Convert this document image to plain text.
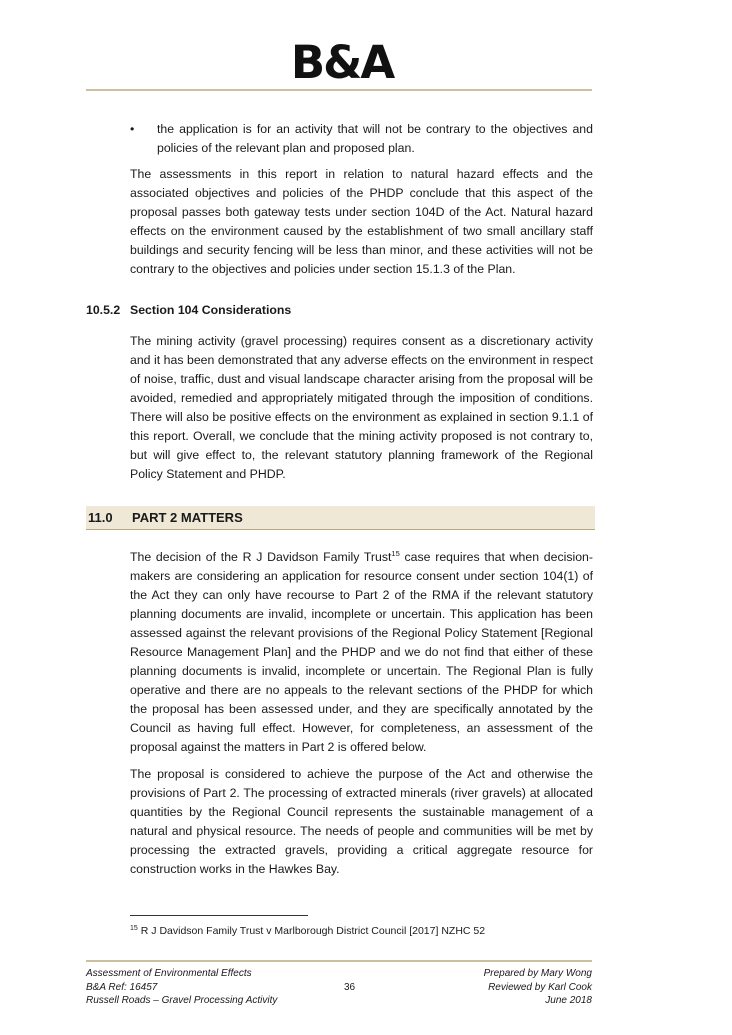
B&A
•	the application is for an activity that will not be contrary to the objectives and policies of the relevant plan and proposed plan.
The assessments in this report in relation to natural hazard effects and the associated objectives and policies of the PHDP conclude that this aspect of the proposal passes both gateway tests under section 104D of the Act. Natural hazard effects on the environment caused by the establishment of two small ancillary staff buildings and security fencing will be less than minor, and these activities will not be contrary to the objectives and policies under section 15.1.3 of the Plan.
10.5.2 Section 104 Considerations
The mining activity (gravel processing) requires consent as a discretionary activity and it has been demonstrated that any adverse effects on the environment in respect of noise, traffic, dust and visual landscape character arising from the proposal will be avoided, remedied and appropriately mitigated through the imposition of conditions. There will also be positive effects on the environment as explained in section 9.1.1 of this report. Overall, we conclude that the mining activity proposed is not contrary to, but will give effect to, the relevant statutory planning framework of the Regional Policy Statement and PHDP.
11.0	PART 2 MATTERS
The decision of the R J Davidson Family Trust$^{15}$ case requires that when decision-makers are considering an application for resource consent under section 104(1) of the Act they can only have recourse to Part 2 of the RMA if the relevant statutory planning documents are invalid, incomplete or uncertain. This application has been assessed against the relevant provisions of the Regional Policy Statement [Regional Resource Management Plan] and the PHDP and we do not find that either of these planning documents is invalid, incomplete or uncertain. The Regional Plan is fully operative and there are no appeals to the relevant sections of the PHDP for which the proposal has been assessed under, and they are specifically annotated by the Council as having full effect. However, for completeness, an assessment of the proposal against the matters in Part 2 is offered below.
The proposal is considered to achieve the purpose of the Act and otherwise the provisions of Part 2. The processing of extracted minerals (river gravels) at allocated quantities by the Regional Council represents the sustainable management of a natural and physical resource. The needs of people and communities will be met by processing the extracted gravels, providing a critical aggregate resource for construction works in the Hawkes Bay.
$^{15}$ R J Davidson Family Trust v Marlborough District Council [2017] NZHC 52
Assessment of Environmental Effects
B&A Ref: 16457
Russell Roads – Gravel Processing Activity
36
Prepared by Mary Wong
Reviewed by Karl Cook
June 2018
